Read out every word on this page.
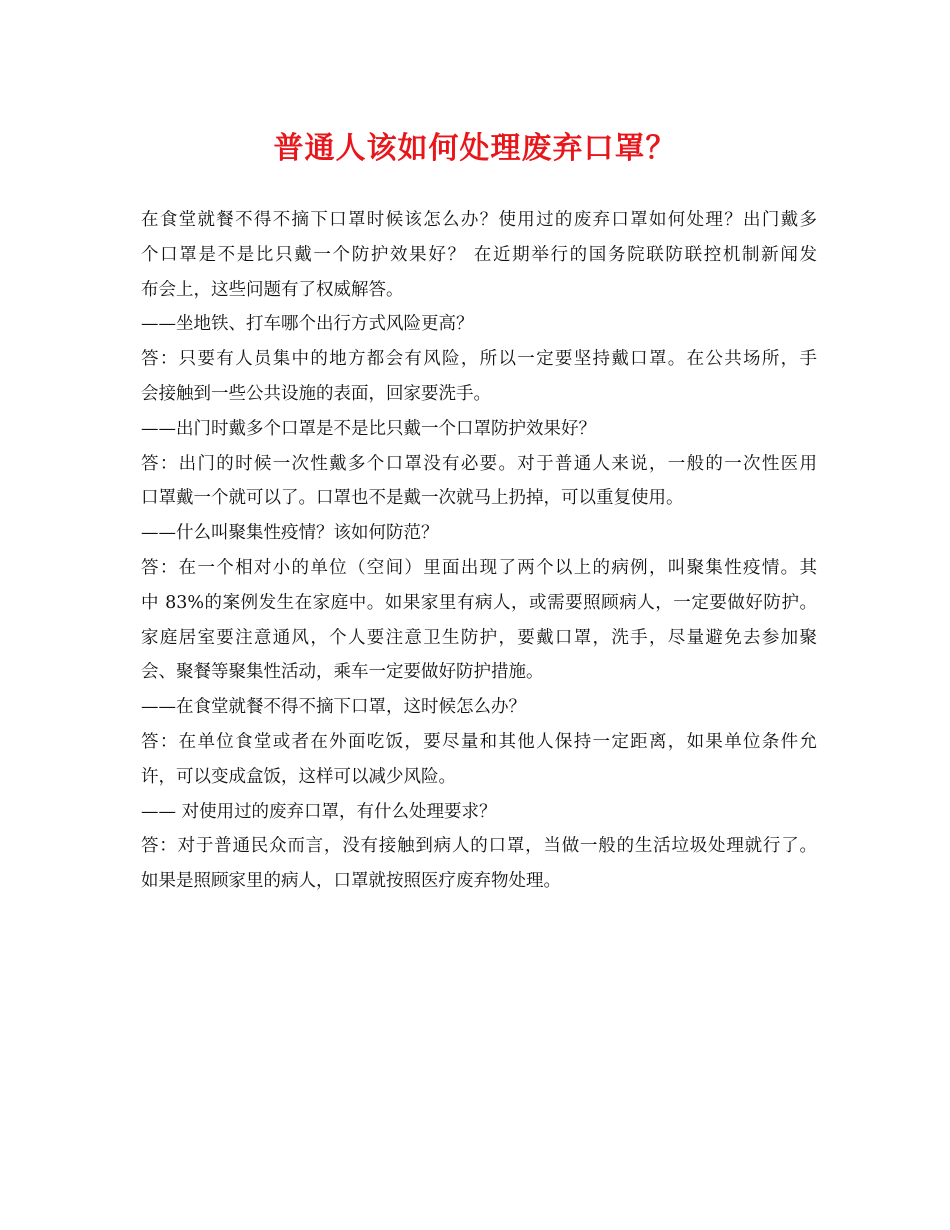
普通人该如何处理废弃口罩？
在食堂就餐不得不摘下口罩时候该怎么办？使用过的废弃口罩如何处理？出门戴多
个口罩是不是比只戴一个防护效果好？ 在近期举行的国务院联防联控机制新闻发
布会上，这些问题有了权威解答。
——坐地铁、打车哪个出行方式风险更高？
答：只要有人员集中的地方都会有风险，所以一定要坚持戴口罩。在公共场所，手
会接触到一些公共设施的表面，回家要洗手。
——出门时戴多个口罩是不是比只戴一个口罩防护效果好？
答：出门的时候一次性戴多个口罩没有必要。对于普通人来说，一般的一次性医用
口罩戴一个就可以了。口罩也不是戴一次就马上扔掉，可以重复使用。
——什么叫聚集性疫情？该如何防范？
答：在一个相对小的单位（空间）里面出现了两个以上的病例，叫聚集性疫情。其
中 83%的案例发生在家庭中。如果家里有病人，或需要照顾病人，一定要做好防护。
家庭居室要注意通风，个人要注意卫生防护，要戴口罩，洗手，尽量避免去参加聚
会、聚餐等聚集性活动，乘车一定要做好防护措施。
——在食堂就餐不得不摘下口罩，这时候怎么办？
答：在单位食堂或者在外面吃饭，要尽量和其他人保持一定距离，如果单位条件允
许，可以变成盒饭，这样可以减少风险。
—— 对使用过的废弃口罩，有什么处理要求？
答：对于普通民众而言，没有接触到病人的口罩，当做一般的生活垃圾处理就行了。
如果是照顾家里的病人，口罩就按照医疗废弃物处理。
